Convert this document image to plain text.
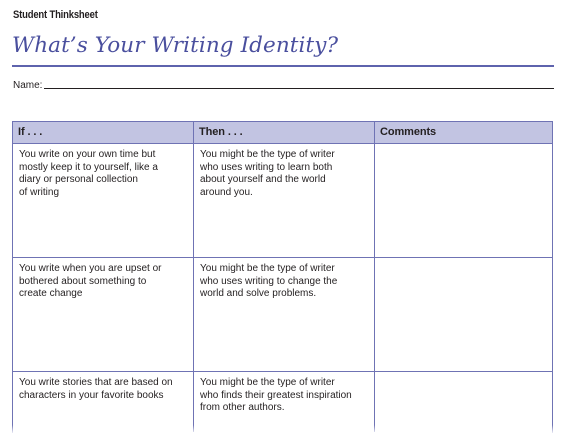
Student Thinksheet
What’s Your Writing Identity?
Name:
If . . .	Then . . .	Comments
You write on your own time but
mostly keep it to yourself, like a
diary or personal collection
of writing
You might be the type of writer
who uses writing to learn both
about yourself and the world
around you.
You write when you are upset or
bothered about something to
create change
You might be the type of writer
who uses writing to change the
world and solve problems.
You write stories that are based on
characters in your favorite books
You might be the type of writer
who finds their greatest inspiration
from other authors.
